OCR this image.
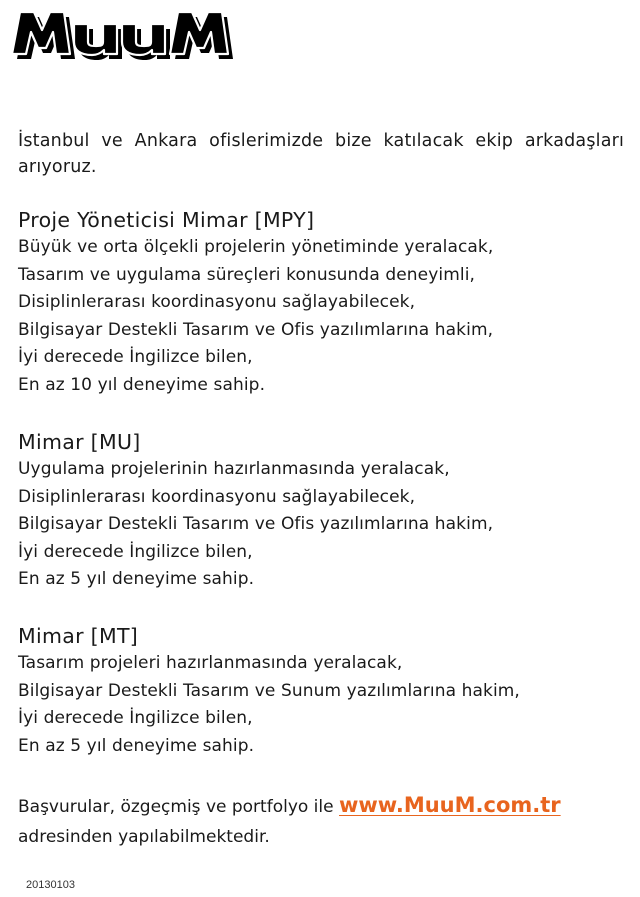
İstanbul ve Ankara ofislerimizde bize katılacak ekip arkadaşları

arıyoruz.

Proje Yöneticisi Mimar [MPY]
Büyük ve orta ölçekli projelerin yönetiminde yeralacak,
Tasarım ve uygulama süreçleri konusunda deneyimli,
Disiplinlerarası koordinasyonu sağlayabilecek,
Bilgisayar Destekli Tasarım ve Ofis yazılımlarına hakim,
İyi derecede İngilizce bilen,
En az 10 yıl deneyime sahip.
Mimar [MU]
Uygulama projelerinin hazırlanmasında yeralacak,
Disiplinlerarası koordinasyonu sağlayabilecek,
Bilgisayar Destekli Tasarım ve Ofis yazılımlarına hakim,
İyi derecede İngilizce bilen,
En az 5 yıl deneyime sahip.
Mimar [MT]
Tasarım projeleri hazırlanmasında yeralacak,
Bilgisayar Destekli Tasarım ve Sunum yazılımlarına hakim,
İyi derecede İngilizce bilen,
En az 5 yıl deneyime sahip.
Başvurular, özgeçmiş ve portfolyo ile www.MuuM.com.tr
adresinden yapılabilmektedir.
20130103
